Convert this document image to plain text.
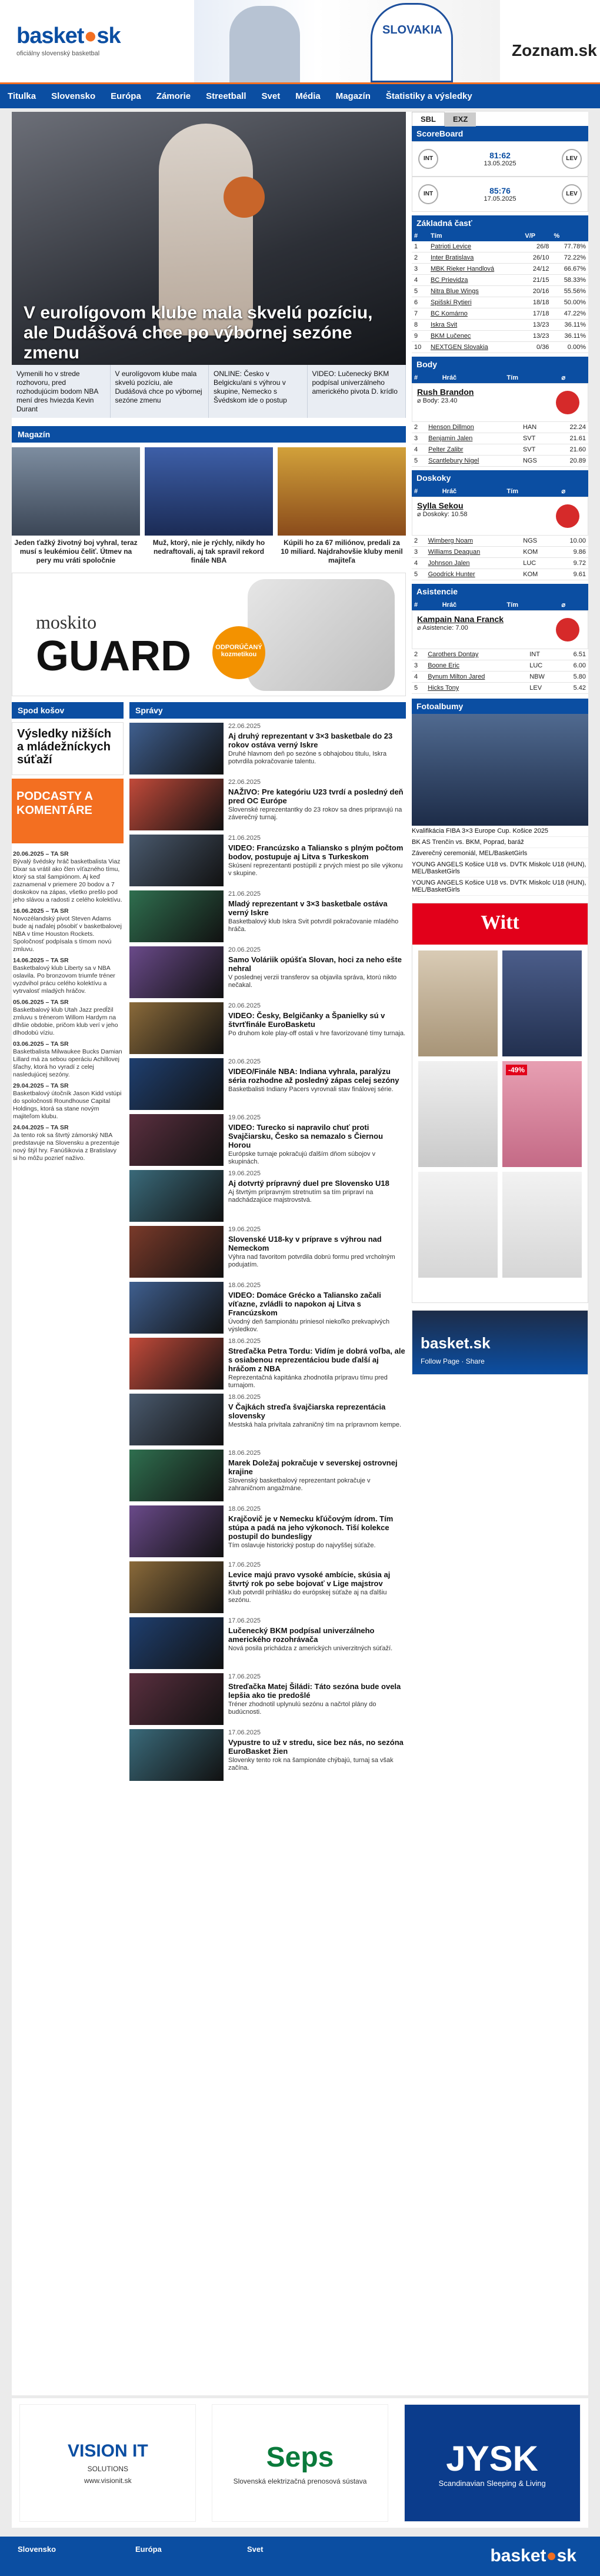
basket●sk
oficiálny slovenský basketbal
SLOVAKIA
Zoznam.sk
Titulka	Slovensko	Európa	Zámorie	Streetball	Svet	Média	Magazín	Štatistiky a výsledky
V eurolígovom klube mala skvelú pozíciu, ale Dudášová chce po výbornej sezóne zmenu
Vymenili ho v strede rozhovoru, pred rozhodujúcim bodom NBA mení dres hviezda Kevin Durant
V eurolígovom klube mala skvelú pozíciu, ale Dudášová chce po výbornej sezóne zmenu
ONLINE: Česko v Belgicku/ani s výhrou v skupine, Nemecko s Švédskom ide o postup
VIDEO: Lučenecký BKM podpísal univerzálneho amerického pivota D. krídlo
Magazín
Jeden ťažký životný boj vyhral, teraz musí s leukémiou čeliť. Útmev na pery mu vráti spoločnie
Muž, ktorý, nie je rýchly, nikdy ho nedraftovali, aj tak spravil rekord finále NBA
Kúpili ho za 67 miliónov, predali za 10 miliard. Najdrahovšie kluby menil majiteľa
moskito
GUARD	ODPORÚČANÝ kozmetikou
Spod košov
Výsledky nižších a mládežníckych súťaží
PODCASTY A KOMENTÁRE
20.06.2025 – TA SR

Bývalý švédsky hráč basketbalista Viaz Dixar sa vrátil ako člen víťazného tímu, ktorý sa stal šampiónom. Aj keď zaznamenal v priemere 20 bodov a 7 doskokov na zápas, všetko prešlo pod jeho slávou a radosti z celého kolektívu.

16.06.2025 – TA SR

Novozélandský pivot Steven Adams bude aj naďalej pôsobiť v basketbalovej NBA v tíme Houston Rockets. Spoločnosť podpísala s tímom novú zmluvu.

14.06.2025 – TA SR

Basketbalový klub Liberty sa v NBA oslavila. Po bronzovom triumfe tréner vyzdvihol prácu celého kolektívu a vytrvalosť mladých hráčov.

05.06.2025 – TA SR

Basketbalový klub Utah Jazz predĺžil zmluvu s trénerom Willom Hardym na dlhšie obdobie, pričom klub verí v jeho dlhodobú víziu.

03.06.2025 – TA SR

Basketbalista Milwaukee Bucks Damian Lillard má za sebou operáciu Achillovej šľachy, ktorá ho vyradí z celej nasledujúcej sezóny.

29.04.2025 – TA SR

Basketbalový útočník Jason Kidd vstúpi do spoločnosti Roundhouse Capital Holdings, ktorá sa stane novým majiteľom klubu.

24.04.2025 – TA SR

Ja tento rok sa štvrtý zámorský NBA predstavuje na Slovensku a prezentuje nový štýl hry. Fanúšikovia z Bratislavy si ho môžu pozrieť naživo.

Správy
22.06.2025
Aj druhý reprezentant v 3×3 basketbale do 23 rokov ostáva verný Iskre
Druhé hlavnom deň po sezóne s obhajobou titulu, Iskra potvrdila pokračovanie talentu.
22.06.2025
NAŽIVO: Pre kategóriu U23 tvrdí a posledný deň pred OC Európe
Slovenské reprezentantky do 23 rokov sa dnes pripravujú na záverečný turnaj.
21.06.2025
VIDEO: Francúzsko a Taliansko s plným počtom bodov, postupuje aj Litva s Turkeskom
Skúsení reprezentanti postúpili z prvých miest po sile výkonu v skupine.
21.06.2025
Mladý reprezentant v 3×3 basketbale ostáva verný Iskre
Basketbalový klub Iskra Svit potvrdil pokračovanie mladého hráča.
20.06.2025
Samo Voláriik opúšťa Slovan, hoci za neho ešte nehral
V poslednej verzii transferov sa objavila správa, ktorú nikto nečakal.
20.06.2025
VIDEO: Česky, Belgičanky a Španielky sú v štvrťfinále EuroBasketu
Po druhom kole play-off ostali v hre favorizované tímy turnaja.
20.06.2025
VIDEO/Finále NBA: Indiana vyhrala, paralýzu séria rozhodne až posledný zápas celej sezóny
Basketbalisti Indiany Pacers vyrovnali stav finálovej série.
19.06.2025
VIDEO: Turecko si napravilo chuť proti Svajčiarsku, Česko sa nemazalo s Čiernou Horou
Európske turnaje pokračujú ďalším dňom súbojov v skupinách.
19.06.2025
Aj dotvrtý prípravný duel pre Slovensko U18
Aj štvrtým prípravným stretnutím sa tím pripraví na nadchádzajúce majstrovstvá.
19.06.2025
Slovenské U18-ky v príprave s výhrou nad Nemeckom
Výhra nad favoritom potvrdila dobrú formu pred vrcholným podujatím.
18.06.2025
VIDEO: Domáce Grécko a Taliansko začali víťazne, zvládli to napokon aj Litva s Francúzskom
Úvodný deň šampionátu priniesol niekoľko prekvapivých výsledkov.
18.06.2025
Streďačka Petra Tordu: Vidím je dobrá voľba, ale s osiabenou reprezentáciou bude ďalší aj hráčom z NBA
Reprezentačná kapitánka zhodnotila prípravu tímu pred turnajom.
18.06.2025
V Čajkách streďa švajčiarska reprezentácia slovensky
Mestská hala privítala zahraničný tím na prípravnom kempe.
18.06.2025
Marek Doležaj pokračuje v severskej ostrovnej krajine
Slovenský basketbalový reprezentant pokračuje v zahraničnom angažmáne.
18.06.2025
Krajčovič je v Nemecku kľúčovým ídrom. Tím stúpa a padá na jeho výkonoch. Tiší kolekce postupil do bundesligy
Tím oslavuje historický postup do najvyššej súťaže.
17.06.2025
Levice majú pravo vysoké ambície, skúsia aj štvrtý rok po sebe bojovať v Lige majstrov
Klub potvrdil prihlášku do európskej súťaže aj na ďalšiu sezónu.
17.06.2025
Lučenecký BKM podpísal univerzálneho amerického rozohrávača
Nová posila prichádza z amerických univerzitných súťaží.
17.06.2025
Streďačka Matej Šiládi: Táto sezóna bude ovela lepšia ako tie predošlé
Tréner zhodnotil uplynulú sezónu a načrtol plány do budúcnosti.
17.06.2025
Vypustre to už v stredu, sice bez nás, no sezóna EuroBasket žien
Slovenky tento rok na šampionáte chýbajú, turnaj sa však začína.
SBL EXZ
ScoreBoard
INT	81:62
13.05.2025
LEV
INT	85:76
17.05.2025
LEV
Základná časť
#	Tím	V/P	%
1	Patrioti Levice	26/8	77.78%
2	Inter Bratislava	26/10	72.22%
3	MBK Rieker Handlová	24/12	66.67%
4	BC Prievidza	21/15	58.33%
5	Nitra Blue Wings	20/16	55.56%
6	Spišskí Rytieri	18/18	50.00%
7	BC Komárno	17/18	47.22%
8	Iskra Svit	13/23	36.11%
9	BKM Lučenec	13/23	36.11%
10	NEXTGEN Slovakia	0/36	0.00%
Body
#	Hráč	Tím	⌀
Rush Brandon
⌀ Body: 23.40
2	Henson Dillmon	HAN	22.24
3	Benjamin Jalen	SVT	21.61
4	Pelter Zalibr	SVT	21.60
5	Scantlebury Nigel	NGS	20.89
Doskoky
#	Hráč	Tím	⌀
Sylla Sekou
⌀ Doskoky: 10.58
2	Wimberg Noam	NGS	10.00
3	Williams Deaquan	KOM	9.86
4	Johnson Jalen	LUC	9.72
5	Goodrick Hunter	KOM	9.61
Asistencie
#	Hráč	Tím	⌀
Kampain Nana Franck
⌀ Asistencie: 7.00
2	Carothers Dontay	INT	6.51
3	Boone Eric	LUC	6.00
4	Bynum Milton Jared	NBW	5.80
5	Hicks Tony	LEV	5.42
Fotoalbumy
Kvalifikácia FIBA 3×3 Europe Cup. Košice 2025
BK AS Trenčín vs. BKM, Poprad, baráž
Záverečný ceremoniál, MEL/BasketGirls
YOUNG ANGELS Košice U18 vs. DVTK Miskolc U18 (HUN), MEL/BasketGirls
YOUNG ANGELS Košice U18 vs. DVTK Miskolc U18 (HUN), MEL/BasketGirls
Witt
-49%
basket.sk
Follow Page · Share
VISION IT
SOLUTIONS
www.visionit.sk
Seps
Slovenská elektrizačná prenosová sústava
JYSK
Scandinavian Sleeping & Living
Slovensko	Európa	Svet	basket●sk
